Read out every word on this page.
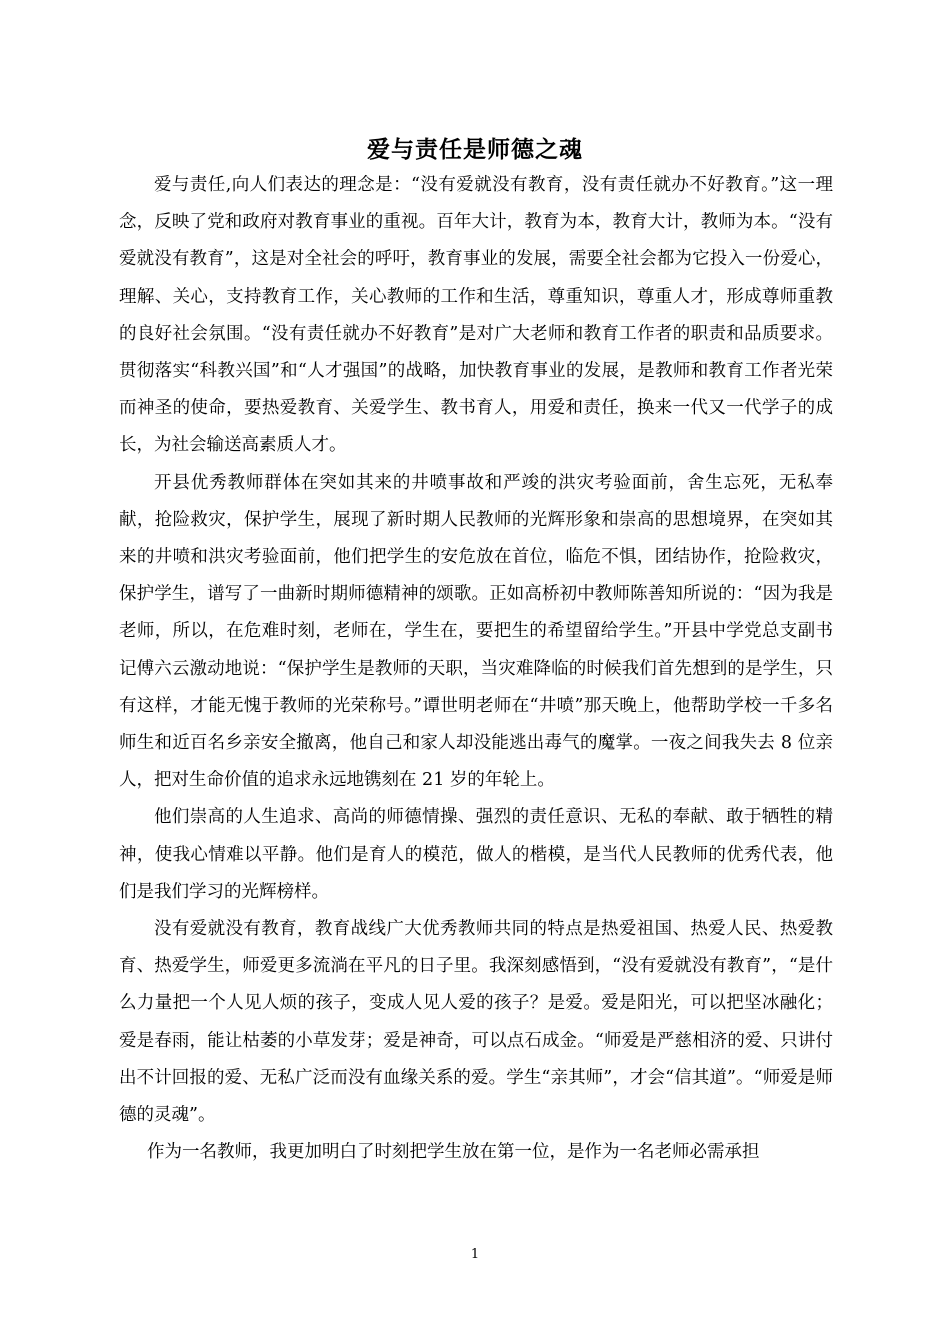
爱与责任是师德之魂

爱与责任,向人们表达的理念是：“没有爱就没有教育，没有责任就办不好教育。”这一理念，反映了党和政府对教育事业的重视。百年大计，教育为本，教育大计，教师为本。“没有爱就没有教育”，这是对全社会的呼吁，教育事业的发展，需要全社会都为它投入一份爱心，理解、关心，支持教育工作，关心教师的工作和生活，尊重知识，尊重人才，形成尊师重教的良好社会氛围。“没有责任就办不好教育”是对广大老师和教育工作者的职责和品质要求。贯彻落实“科教兴国”和“人才强国”的战略，加快教育事业的发展，是教师和教育工作者光荣而神圣的使命，要热爱教育、关爱学生、教书育人，用爱和责任，换来一代又一代学子的成长，为社会输送高素质人才。

开县优秀教师群体在突如其来的井喷事故和严竣的洪灾考验面前，舍生忘死，无私奉献，抢险救灾，保护学生，展现了新时期人民教师的光辉形象和崇高的思想境界，在突如其来的井喷和洪灾考验面前，他们把学生的安危放在首位，临危不惧，团结协作，抢险救灾，保护学生，谱写了一曲新时期师德精神的颂歌。正如高桥初中教师陈善知所说的：“因为我是老师，所以，在危难时刻，老师在，学生在，要把生的希望留给学生。”开县中学党总支副书记傅六云激动地说：“保护学生是教师的天职，当灾难降临的时候我们首先想到的是学生，只有这样，才能无愧于教师的光荣称号。”谭世明老师在“井喷”那天晚上，他帮助学校一千多名师生和近百名乡亲安全撤离，他自己和家人却没能逃出毒气的魔掌。一夜之间我失去 8 位亲人，把对生命价值的追求永远地镌刻在 21 岁的年轮上。

他们崇高的人生追求、高尚的师德情操、强烈的责任意识、无私的奉献、敢于牺牲的精神，使我心情难以平静。他们是育人的模范，做人的楷模，是当代人民教师的优秀代表，他们是我们学习的光辉榜样。

没有爱就没有教育，教育战线广大优秀教师共同的特点是热爱祖国、热爱人民、热爱教育、热爱学生，师爱更多流淌在平凡的日子里。我深刻感悟到，“没有爱就没有教育”，“是什么力量把一个人见人烦的孩子，变成人见人爱的孩子？是爱。爱是阳光，可以把坚冰融化；爱是春雨，能让枯萎的小草发芽；爱是神奇，可以点石成金。“师爱是严慈相济的爱、只讲付出不计回报的爱、无私广泛而没有血缘关系的爱。学生“亲其师”，才会“信其道”。“师爱是师德的灵魂”。

作为一名教师，我更加明白了时刻把学生放在第一位，是作为一名老师必需承担

1
